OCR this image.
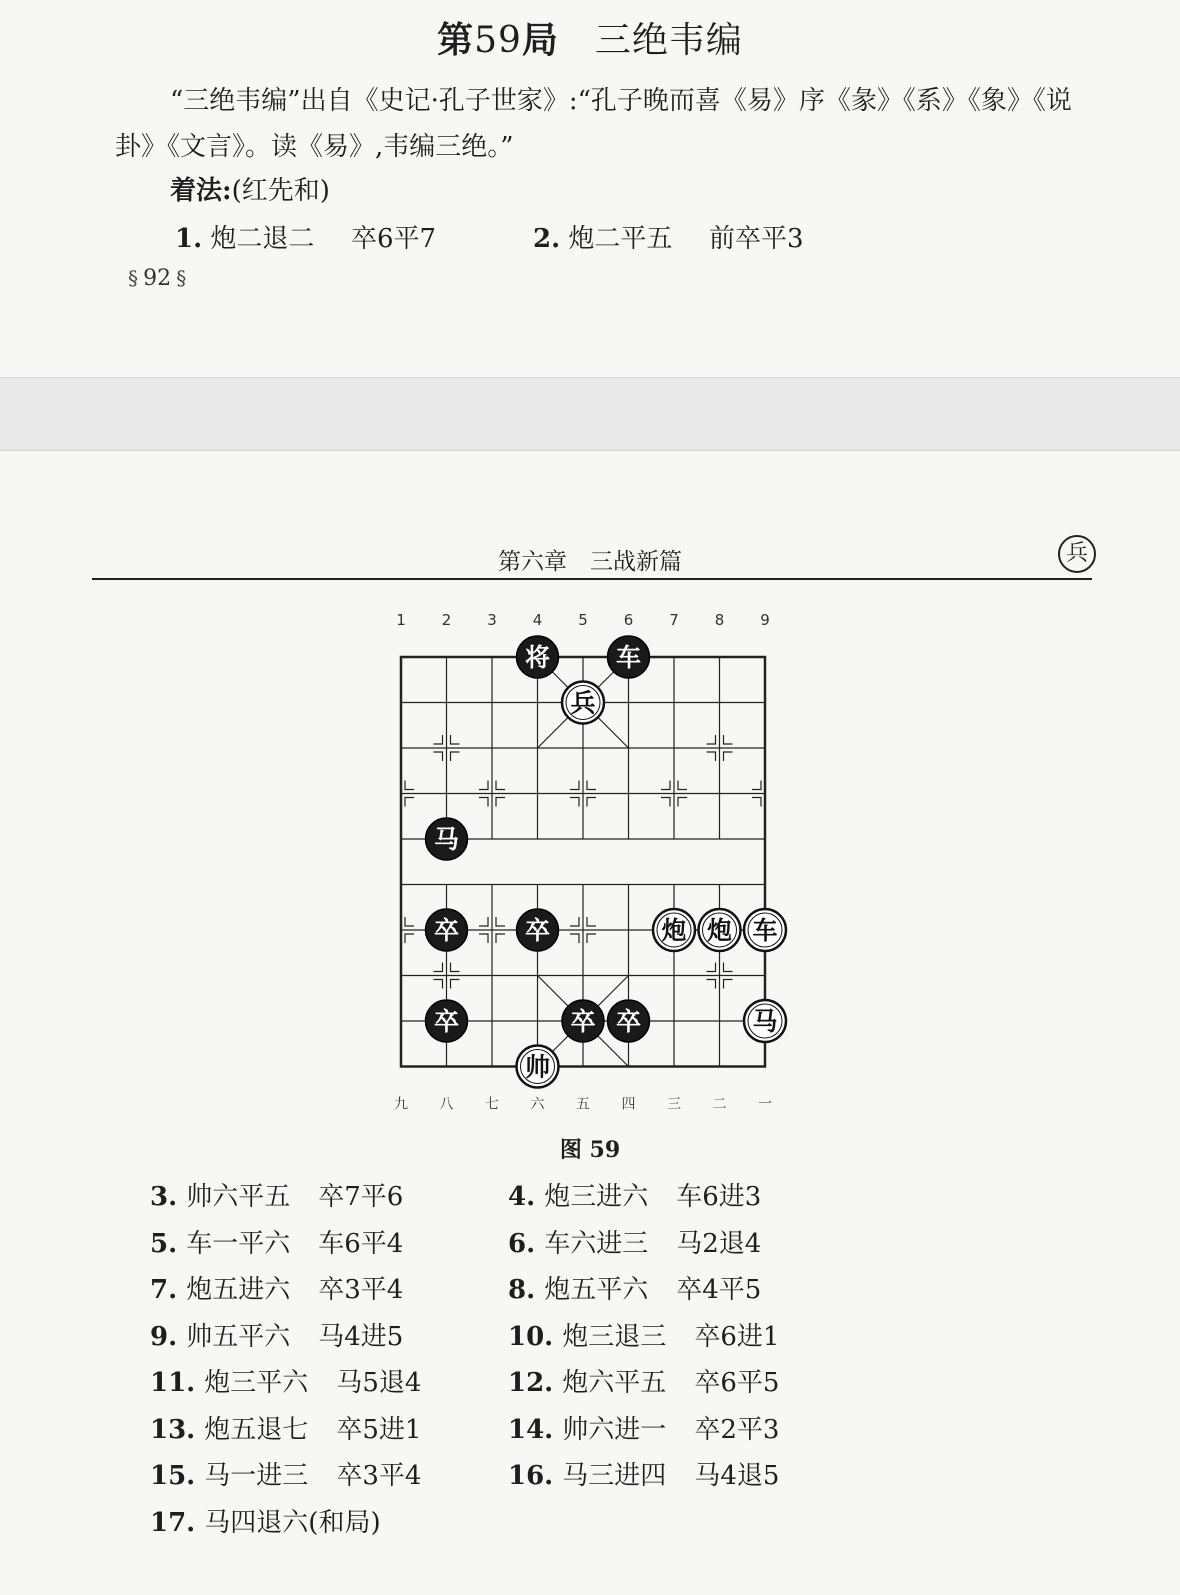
第59局 三绝韦编
“三绝韦编”出自《史记·孔子世家》:“孔子晚而喜《易》序《彖》《系》《象》《说
卦》《文言》。读《易》,韦编三绝。”
着法:(红先和)
1. 炮二退二 卒6平7	2. 炮二平五 前卒平3
§ 92 §
第六章　三战新篇	兵
1 2 3 4 5 6 7 8 9
九 八 七 六 五 四 三 二 一
将	车
兵
马
卒	卒	炮 炮 车
卒	卒 卒	马
帅
图 59
3. 帅六平五 卒7平6	4. 炮三进六 车6进3
5. 车一平六 车6平4	6. 车六进三 马2退4
7. 炮五进六 卒3平4	8. 炮五平六 卒4平5
9. 帅五平六 马4进5	10. 炮三退三 卒6进1
11. 炮三平六 马5退4	12. 炮六平五 卒6平5
13. 炮五退七 卒5进1	14. 帅六进一 卒2平3
15. 马一进三 卒3平4	16. 马三进四 马4退5
17. 马四退六(和局)
